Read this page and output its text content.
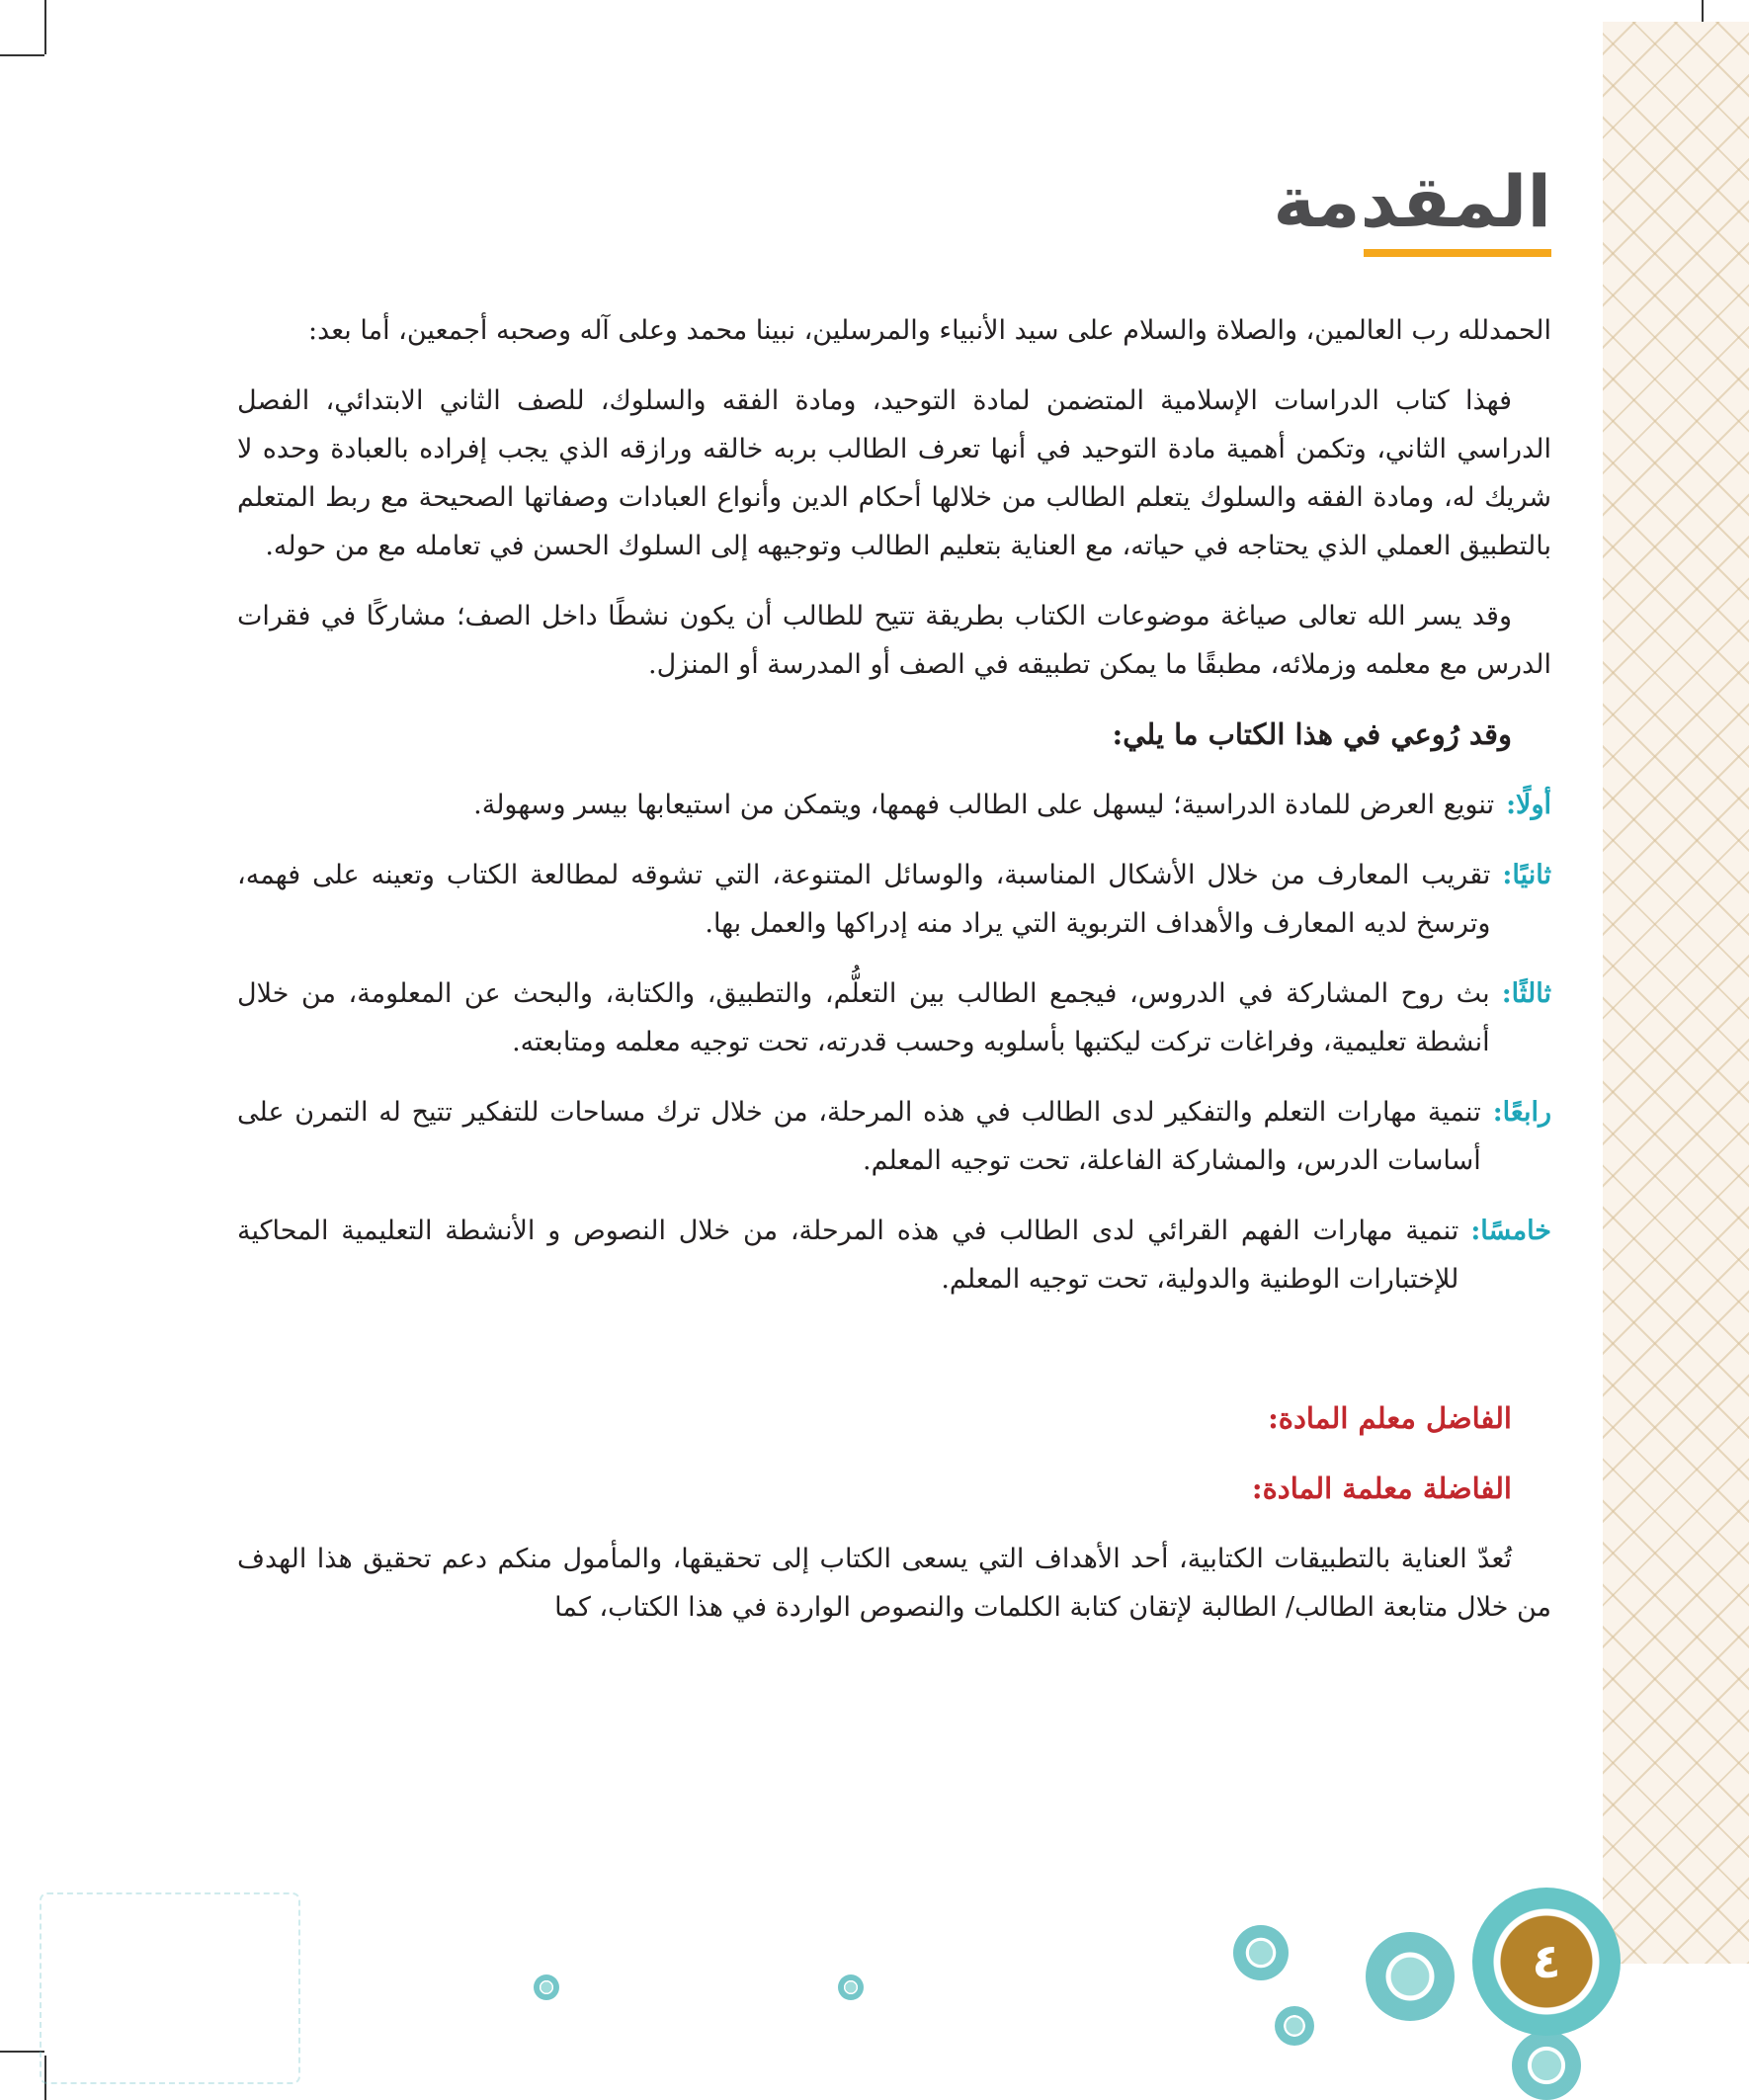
المقدمة

الحمدلله رب العالمين، والصلاة والسلام على سيد الأنبياء والمرسلين، نبينا محمد وعلى آله وصحبه أجمعين، أما بعد:

فهذا كتاب الدراسات الإسلامية المتضمن لمادة التوحيد، ومادة الفقه والسلوك، للصف الثاني الابتدائي، الفصل الدراسي الثاني، وتكمن أهمية مادة التوحيد في أنها تعرف الطالب بربه خالقه ورازقه الذي يجب إفراده بالعبادة وحده لا شريك له، ومادة الفقه والسلوك يتعلم الطالب من خلالها أحكام الدين وأنواع العبادات وصفاتها الصحيحة مع ربط المتعلم بالتطبيق العملي الذي يحتاجه في حياته، مع العناية بتعليم الطالب وتوجيهه إلى السلوك الحسن في تعامله مع من حوله.

وقد يسر الله تعالى صياغة موضوعات الكتاب بطريقة تتيح للطالب أن يكون نشطًا داخل الصف؛ مشاركًا في فقرات الدرس مع معلمه وزملائه، مطبقًا ما يمكن تطبيقه في الصف أو المدرسة أو المنزل.

وقد رُوعي في هذا الكتاب ما يلي:

أولًا:
تنويع العرض للمادة الدراسية؛ ليسهل على الطالب فهمها، ويتمكن من استيعابها بيسر وسهولة.
ثانيًا:
تقريب المعارف من خلال الأشكال المناسبة، والوسائل المتنوعة، التي تشوقه لمطالعة الكتاب وتعينه على فهمه، وترسخ لديه المعارف والأهداف التربوية التي يراد منه إدراكها والعمل بها.
ثالثًا:
بث روح المشاركة في الدروس، فيجمع الطالب بين التعلُّم، والتطبيق، والكتابة، والبحث عن المعلومة، من خلال أنشطة تعليمية، وفراغات تركت ليكتبها بأسلوبه وحسب قدرته، تحت توجيه معلمه ومتابعته.
رابعًا:
تنمية مهارات التعلم والتفكير لدى الطالب في هذه المرحلة، من خلال ترك مساحات للتفكير تتيح له التمرن على أساسات الدرس، والمشاركة الفاعلة، تحت توجيه المعلم.
خامسًا:
تنمية مهارات الفهم القرائي لدى الطالب في هذه المرحلة، من خلال النصوص و الأنشطة التعليمية المحاكية للإختبارات الوطنية والدولية، تحت توجيه المعلم.

الفاضل معلم المادة:

الفاضلة معلمة المادة:

تُعدّ العناية بالتطبيقات الكتابية، أحد الأهداف التي يسعى الكتاب إلى تحقيقها، والمأمول منكم دعم تحقيق هذا الهدف من خلال متابعة الطالب/ الطالبة لإتقان كتابة الكلمات والنصوص الواردة في هذا الكتاب، كما

٤
